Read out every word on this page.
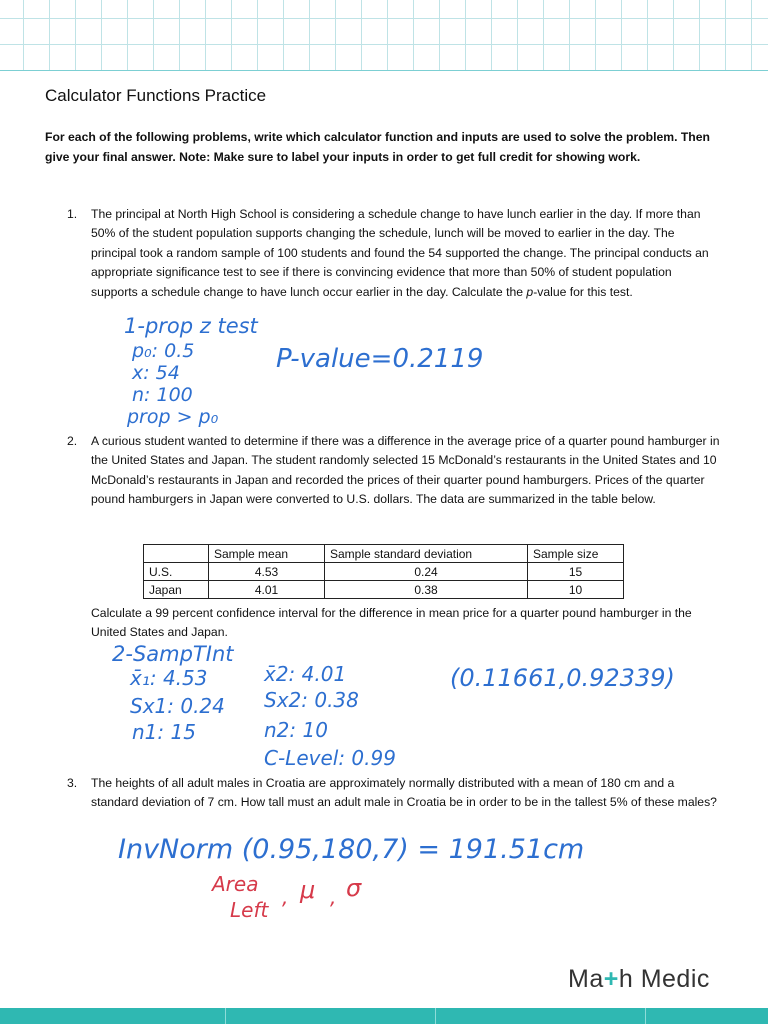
Calculator Functions Practice

For each of the following problems, write which calculator function and inputs are used to solve the problem. Then give your final answer. Note: Make sure to label your inputs in order to get full credit for showing work.

1. The principal at North High School is considering a schedule change to have lunch earlier in the day. If more than 50% of the student population supports changing the schedule, lunch will be moved to earlier in the day. The principal took a random sample of 100 students and found the 54 supported the change. The principal conducts an appropriate significance test to see if there is convincing evidence that more than 50% of student population supports a schedule change to have lunch occur earlier in the day. Calculate the p-value for this test.

1-prop z test
p₀: 0.5
x: 54
n: 100
prop > p₀
P-value=0.2119
2. A curious student wanted to determine if there was a difference in the average price of a quarter pound hamburger in the United States and Japan. The student randomly selected 15 McDonald’s restaurants in the United States and 10 McDonald’s restaurants in Japan and recorded the prices of their quarter pound hamburgers. Prices of the quarter pound hamburgers in Japan were converted to U.S. dollars. The data are summarized in the table below.

	Sample mean	Sample standard deviation	Sample size
U.S.	4.53	0.24	15
Japan	4.01	0.38	10

Calculate a 99 percent confidence interval for the difference in mean price for a quarter pound hamburger in the United States and Japan.

2-SampTInt
x̄₁: 4.53
Sx1: 0.24
n1: 15
x̄2: 4.01
Sx2: 0.38
n2: 10
C-Level: 0.99
(0.11661,0.92339)
3. The heights of all adult males in Croatia are approximately normally distributed with a mean of 180 cm and a standard deviation of 7 cm. How tall must an adult male in Croatia be in order to be in the tallest 5% of these males?

InvNorm (0.95,180,7) = 191.51cm
Area
Left
, μ , σ
Ma+h Medic
